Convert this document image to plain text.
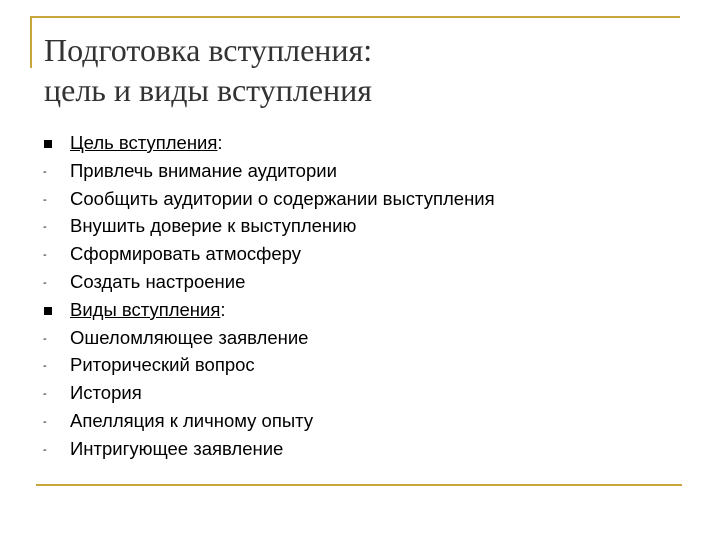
Подготовка вступления:
цель и виды вступления
Цель вступления:
-	Привлечь внимание аудитории
-	Сообщить аудитории о содержании выступления
-	Внушить доверие к выступлению
-	Сформировать атмосферу
-	Создать настроение
Виды вступления:
-	Ошеломляющее заявление
-	Риторический вопрос
-	История
-	Апелляция к личному опыту
-	Интригующее заявление
